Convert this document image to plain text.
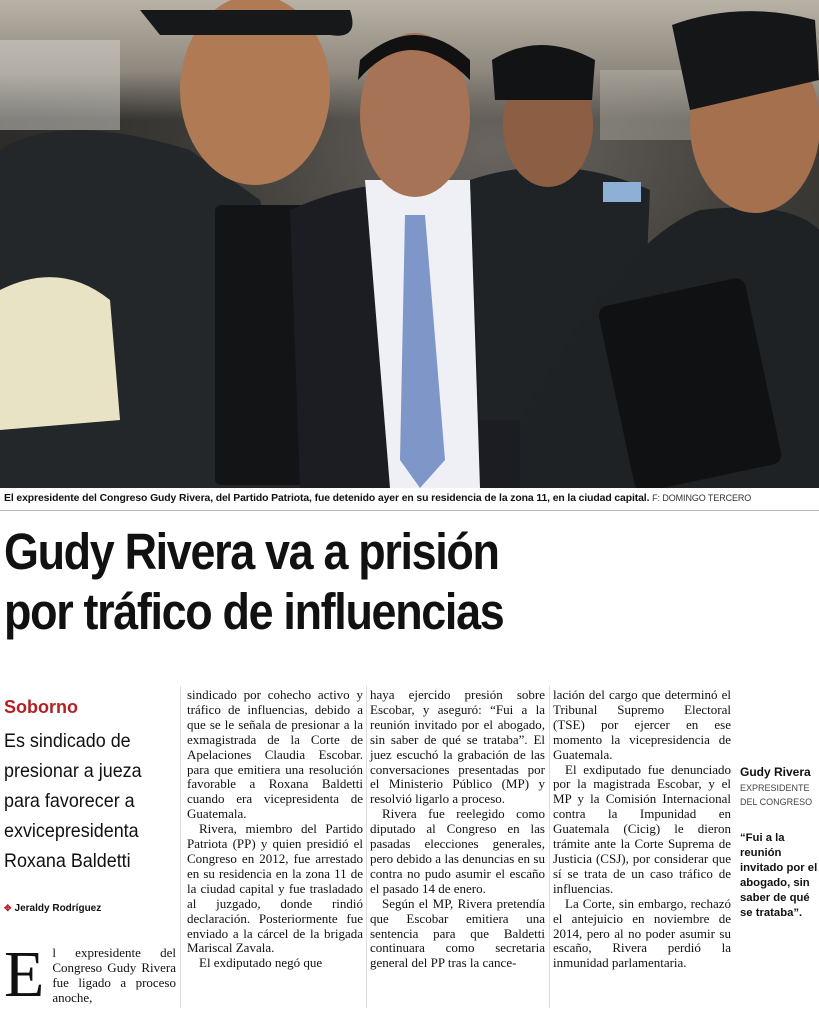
El expresidente del Congreso Gudy Rivera, del Partido Patriota, fue detenido ayer en su residencia de la zona 11, en la ciudad capital. F: DOMINGO TERCERO
Gudy Rivera va a prisión
por tráfico de influencias
Soborno
Es sindicado de presionar a jueza para favorecer a exvicepresidenta Roxana Baldetti
✥ Jeraldy Rodríguez
E l expresidente del Congreso Gudy Rivera fue ligado a proceso anoche,

sindicado por cohecho activo y tráfico de influencias, debido a que se le señala de presionar a la exmagistrada de la Corte de Apelaciones Claudia Escobar. para que emitiera una resolución favorable a Roxana Baldetti cuando era vicepresidenta de Guatemala.

Rivera, miembro del Partido Patriota (PP) y quien presidió el Congreso en 2012, fue arrestado en su residencia en la zona 11 de la ciudad capital y fue trasladado al juzgado, donde rindió declaración. Posteriormente fue enviado a la cárcel de la brigada Mariscal Zavala.

El exdiputado negó que

haya ejercido presión sobre Escobar, y aseguró: “Fui a la reunión invitado por el abogado, sin saber de qué se trataba”. El juez escuchó la grabación de las conversaciones presentadas por el Ministerio Público (MP) y resolvió ligarlo a proceso.

Rivera fue reelegido como diputado al Congreso en las pasadas elecciones generales, pero debido a las denuncias en su contra no pudo asumir el escaño el pasado 14 de enero.

Según el MP, Rivera pretendía que Escobar emitiera una sentencia para que Baldetti continuara como secretaria general del PP tras la cance-

lación del cargo que determinó el Tribunal Supremo Electoral (TSE) por ejercer en ese momento la vicepresidencia de Guatemala.

El exdiputado fue denunciado por la magistrada Escobar, y el MP y la Comisión Internacional contra la Impunidad en Guatemala (Cicig) le dieron trámite ante la Corte Suprema de Justicia (CSJ), por considerar que sí se trata de un caso tráfico de influencias.

La Corte, sin embargo, rechazó el antejuicio en noviembre de 2014, pero al no poder asumir su escaño, Rivera perdió la inmunidad parlamentaria.

Gudy Rivera
EXPRESIDENTE DEL CONGRESO
“Fui a la reunión invitado por el abogado, sin saber de qué se trataba”.
